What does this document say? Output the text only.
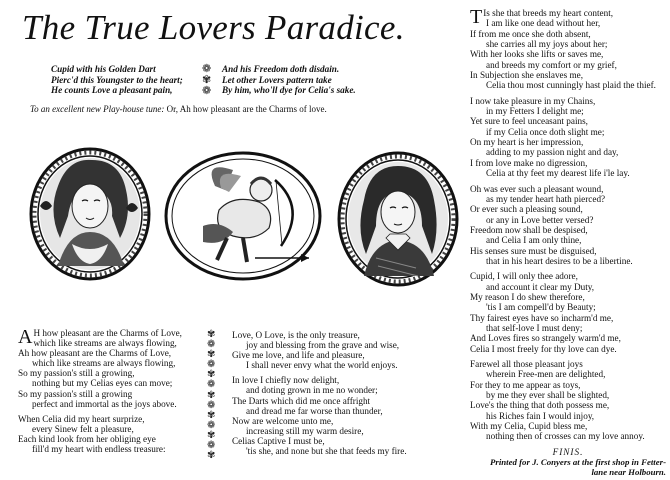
The True Lovers Paradice.
Cupid with his Golden Dart
Pierc'd this Youngster to the heart;
He counts Love a pleasant pain,
❁
✾
❁
And his Freedom doth disdain.
Let other Lovers pattern take
By him, who'll dye for Celia's sake.
To an excellent new Play-house tune: Or, Ah how pleasant are the Charms of love.

A H how pleasant are the Charms of Love,
which like streams are always flowing,
Ah how pleasant are the Charms of Love,
which like streams are always flowing,
So my passion's still a growing,
nothing but my Celias eyes can move;
So my passion's still a growing
perfect and immortal as the joys above.

When Celia did my heart surprize,
every Sinew felt a pleasure,
Each kind look from her obliging eye
fill'd my heart with endless treasure:

✾
❁
✾
❁
✾
❁
✾
❁
✾
❁
✾
❁
✾

Love, O Love, is the only treasure,
joy and blessing from the grave and wise,
Give me love, and life and pleasure,
I shall never envy what the world enjoys.

In love I chiefly now delight,
and doting grown in me no wonder;
The Darts which did me once affright
and dread me far worse than thunder,
Now are welcome unto me,
increasing still my warm desire,
Celias Captive I must be,
'tis she, and none but she that feeds my fire.

T Is she that breeds my heart content,
I am like one dead without her,
If from me once she doth absent,
she carries all my joys about her;
With her looks she lifts or saves me,
and breeds my comfort or my grief,
In Subjection she enslaves me,
Celia thou most cunningly hast plaid the thief.

I now take pleasure in my Chains,
in my Fetters I delight me;
Yet sure to feel unceasant pains,
if my Celia once doth slight me;
On my heart is her impression,
adding to my passion night and day,
I from love make no digression,
Celia at thy feet my dearest life i'le lay.

Oh was ever such a pleasant wound,
as my tender heart hath pierced?
Or ever such a pleasing sound,
or any in Love better versed?
Freedom now shall be despised,
and Celia I am only thine,
His senses sure must be disguised,
that in his heart desires to be a libertine.

Cupid, I will only thee adore,
and account it clear my Duty,
My reason I do shew therefore,
'tis I am compell'd by Beauty;
Thy fairest eyes have so incharm'd me,
that self-love I must deny;
And Loves fires so strangely warm'd me,
Celia I most freely for thy love can dye.

Farewel all those pleasant joys
wherein Free-men are delighted,
For they to me appear as toys,
by me they ever shall be slighted,
Love's the thing that doth possess me,
his Riches fain I would injoy,
With my Celia, Cupid bless me,
nothing then of crosses can my love annoy.

FINIS.
Printed for J. Conyers at the first shop in Fetter-
lane near Holbourn.
